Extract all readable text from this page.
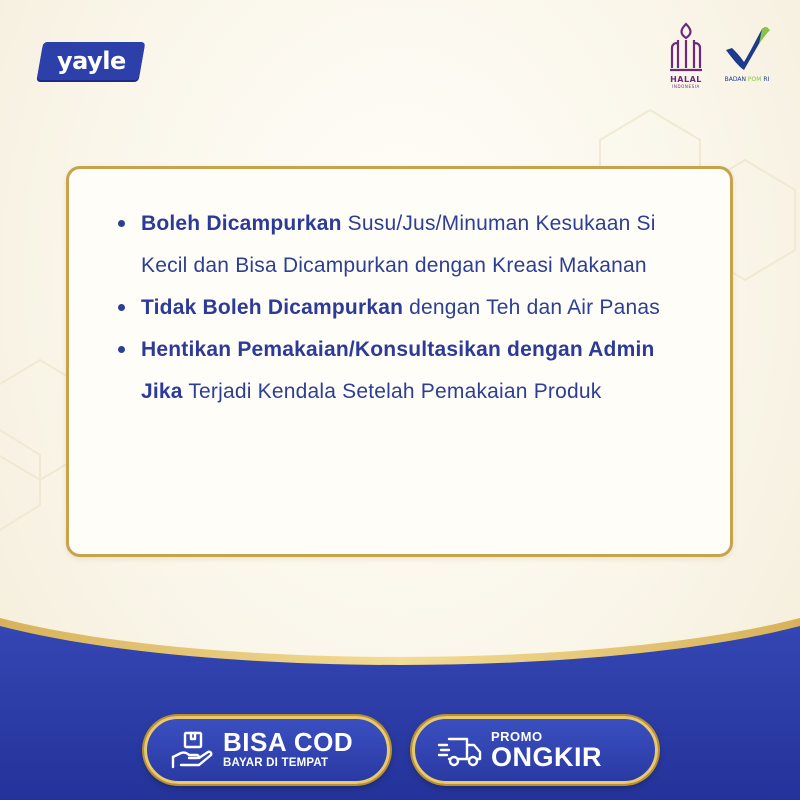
yayle
HALAL
INDONESIA
BADAN POM RI
Boleh Dicampurkan Susu/Jus/Minuman Kesukaan Si Kecil dan Bisa Dicampurkan dengan Kreasi Makanan
Tidak Boleh Dicampurkan dengan Teh dan Air Panas
Hentikan Pemakaian/Konsultasikan dengan Admin Jika Terjadi Kendala Setelah Pemakaian Produk
BISA COD
BAYAR DI TEMPAT
PROMO
ONGKIR
